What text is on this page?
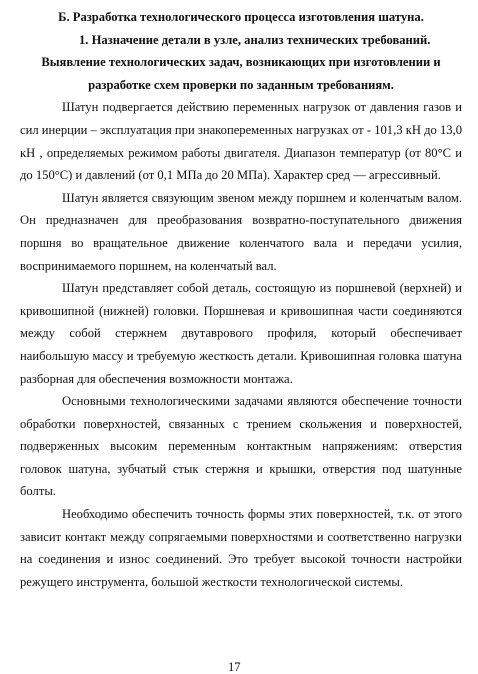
Б. Разработка технологического процесса изготовления шатуна.

1. Назначение детали в узле, анализ технических требований.

Выявление технологических задач, возникающих при изготовлении и

разработке схем проверки по заданным требованиям.

Шатун подвергается действию переменных нагрузок от давления газов и сил инерции – эксплуатация при знакопеременных нагрузках от - 101,3 кН до 13,0 кН , определяемых режимом работы двигателя. Диапазон температур (от 80°С и до 150°С) и давлений (от 0,1 МПа до 20 МПа). Характер сред — агрессивный.

Шатун является связующим звеном между поршнем и коленчатым валом. Он предназначен для преобразования возвратно-поступательного движения поршня во вращательное движение коленчатого вала и передачи усилия, воспринимаемого поршнем, на коленчатый вал.

Шатун представляет собой деталь, состоящую из поршневой (верхней) и кривошипной (нижней) головки. Поршневая и кривошипная части соединяются между собой стержнем двутаврового профиля, который обеспечивает наибольшую массу и требуемую жесткость детали. Кривошипная головка шатуна разборная для обеспечения возможности монтажа.

Основными технологическими задачами являются обеспечение точности обработки поверхностей, связанных с трением скольжения и поверхностей, подверженных высоким переменным контактным напряжениям: отверстия головок шатуна, зубчатый стык стержня и крышки, отверстия под шатунные болты.

Необходимо обеспечить точность формы этих поверхностей, т.к. от этого зависит контакт между сопрягаемыми поверхностями и соответственно нагрузки на соединения и износ соединений. Это требует высокой точности настройки режущего инструмента, большой жесткости технологической системы.

17
